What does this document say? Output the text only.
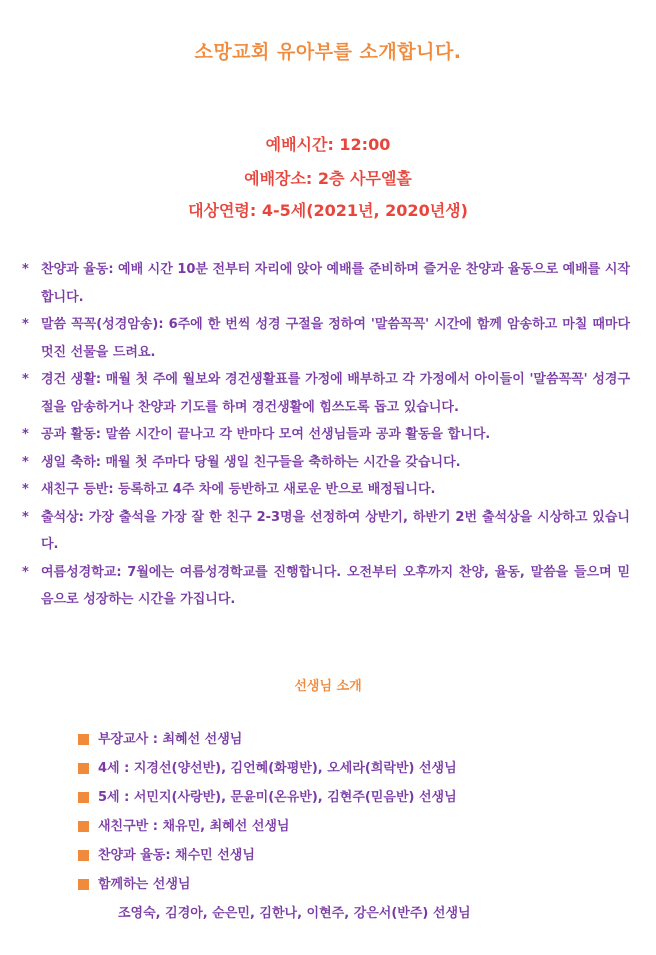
소망교회 유아부를 소개합니다.
예배시간: 12:00
예배장소: 2층 사무엘홀
대상연령: 4-5세(2021년, 2020년생)
* 찬양과 율동: 예배 시간 10분 전부터 자리에 앉아 예배를 준비하며 즐거운 찬양과 율동으로 예배를 시작합니다.
* 말씀 꼭꼭(성경암송): 6주에 한 번씩 성경 구절을 정하여 '말씀꼭꼭' 시간에 함께 암송하고 마칠 때마다 멋진 선물을 드려요.
* 경건 생활: 매월 첫 주에 월보와 경건생활표를 가정에 배부하고 각 가정에서 아이들이 '말씀꼭꼭' 성경구절을 암송하거나 찬양과 기도를 하며 경건생활에 힘쓰도록 돕고 있습니다.
* 공과 활동: 말씀 시간이 끝나고 각 반마다 모여 선생님들과 공과 활동을 합니다.
* 생일 축하: 매월 첫 주마다 당월 생일 친구들을 축하하는 시간을 갖습니다.
* 새친구 등반: 등록하고 4주 차에 등반하고 새로운 반으로 배정됩니다.
* 출석상: 가장 출석을 가장 잘 한 친구 2-3명을 선정하여 상반기, 하반기 2번 출석상을 시상하고 있습니다.
* 여름성경학교: 7월에는 여름성경학교를 진행합니다. 오전부터 오후까지 찬양, 율동, 말씀을 들으며 믿음으로 성장하는 시간을 가집니다.
선생님 소개
부장교사 : 최혜선 선생님
4세 : 지경선(양선반), 김언혜(화평반), 오세라(희락반) 선생님
5세 : 서민지(사랑반), 문윤미(온유반), 김현주(믿음반) 선생님
새친구반 : 채유민, 최혜선 선생님
찬양과 율동: 채수민 선생님
함께하는 선생님
조영숙, 김경아, 순은민, 김한나, 이현주, 강은서(반주) 선생님
